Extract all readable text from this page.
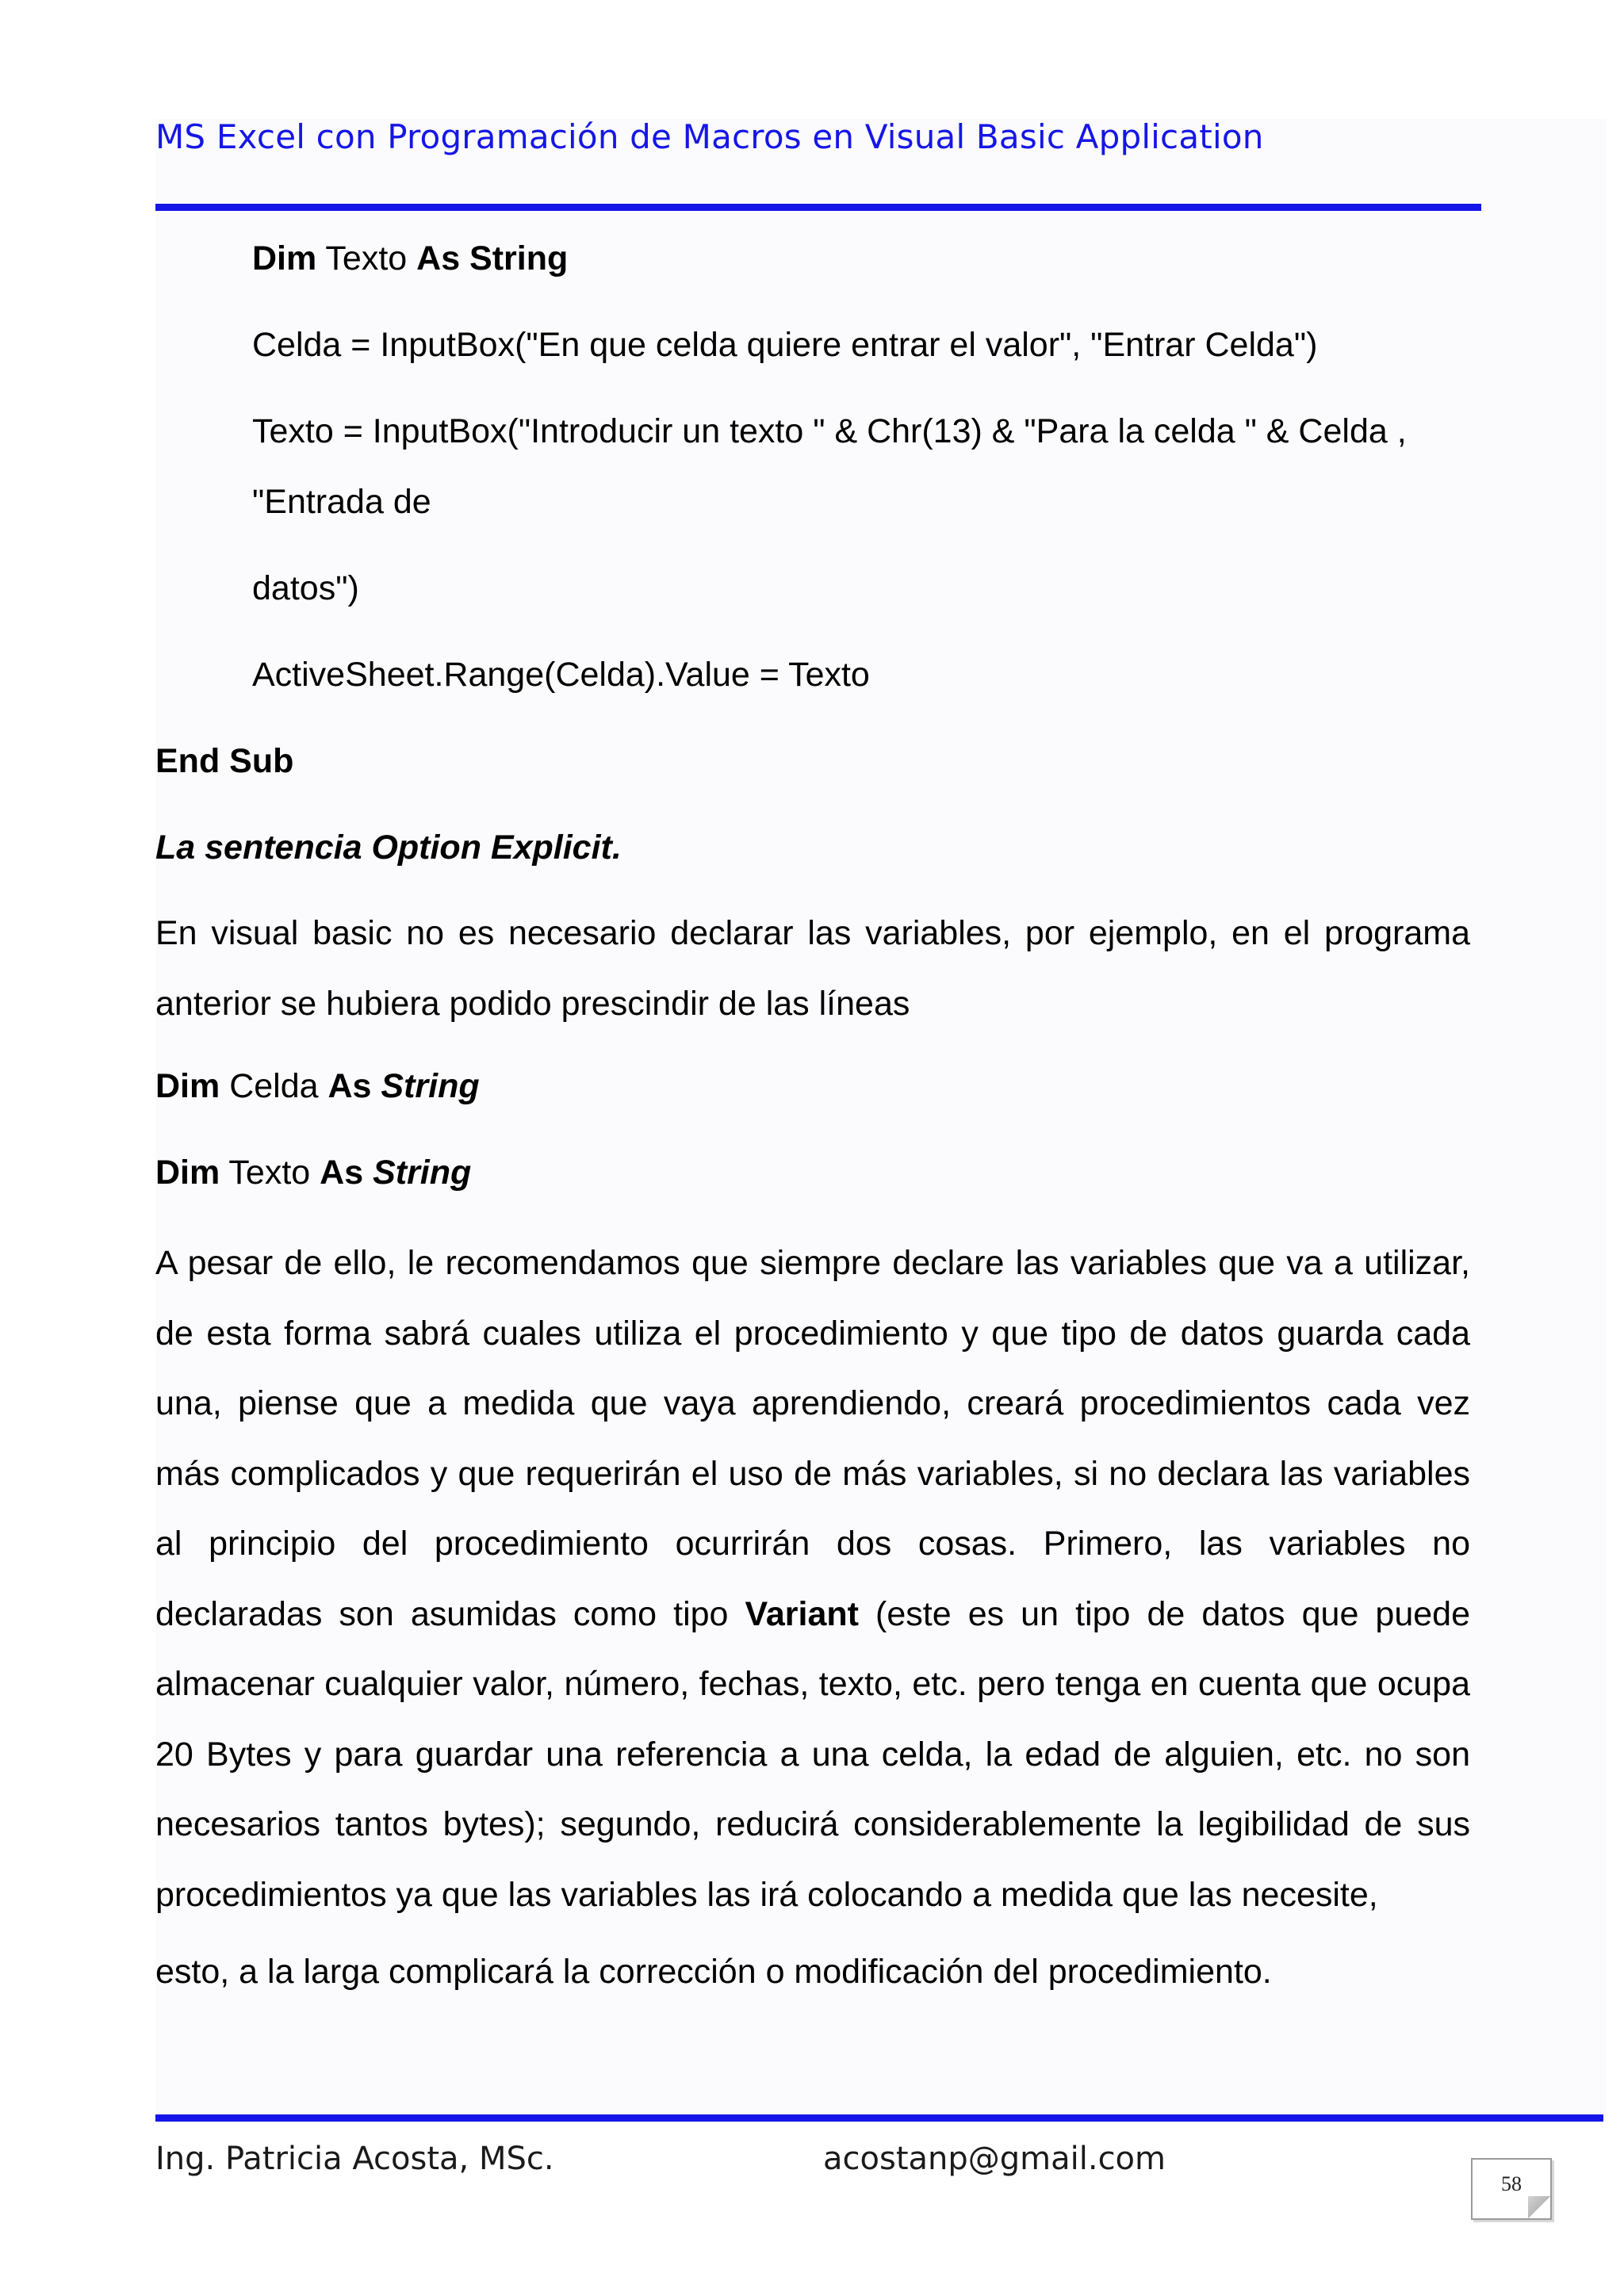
MS Excel con Programación de Macros en Visual Basic Application
Dim Texto As String
Celda = InputBox("En que celda quiere entrar el valor", "Entrar Celda")
Texto = InputBox("Introducir un texto " & Chr(13) & "Para la celda " & Celda ,
"Entrada de
datos")
ActiveSheet.Range(Celda).Value = Texto
End Sub
La sentencia Option Explicit.
En visual basic no es necesario declarar las variables, por ejemplo, en el programa anterior se hubiera podido prescindir de las líneas
Dim Celda As String
Dim Texto As String
A pesar de ello, le recomendamos que siempre declare las variables que va a utilizar, de esta forma sabrá cuales utiliza el procedimiento y que tipo de datos guarda cada una, piense que a medida que vaya aprendiendo, creará procedimientos cada vez más complicados y que requerirán el uso de más variables, si no declara las variables al principio del procedimiento ocurrirán dos cosas. Primero, las variables no declaradas son asumidas como tipo Variant (este es un tipo de datos que puede almacenar cualquier valor, número, fechas, texto, etc. pero tenga en cuenta que ocupa 20 Bytes y para guardar una referencia a una celda, la edad de alguien, etc. no son necesarios tantos bytes); segundo, reducirá considerablemente la legibilidad de sus procedimientos ya que las variables las irá colocando a medida que las necesite,
esto, a la larga complicará la corrección o modificación del procedimiento.
Ing. Patricia Acosta, MSc.	acostanp@gmail.com
58
